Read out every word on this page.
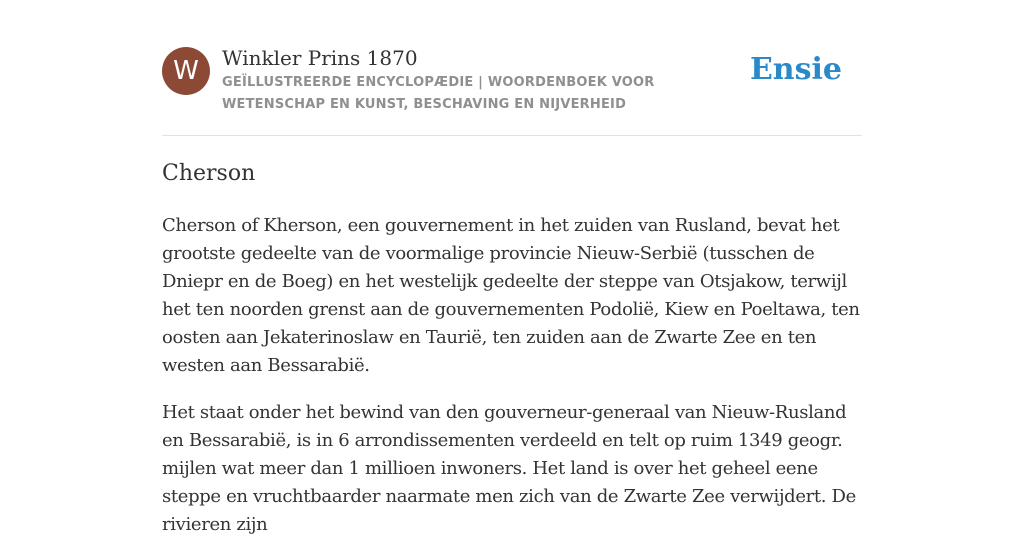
W	Winkler Prins 1870
GEÏLLUSTREERDE ENCYCLOPÆDIE | WOORDENBOEK VOOR WETENSCHAP EN KUNST, BESCHAVING EN NIJVERHEID
Ensie
Cherson

Cherson of Kherson, een gouvernement in het zuiden van Rusland, bevat het grootste gedeelte van de voormalige provincie Nieuw-Serbië (tusschen de Dniepr en de Boeg) en het westelijk gedeelte der steppe van Otsjakow, terwijl het ten noorden grenst aan de gouvernementen Podolië, Kiew en Poeltawa, ten oosten aan Jekaterinoslaw en Taurië, ten zuiden aan de Zwarte Zee en ten westen aan Bessarabië.

Het staat onder het bewind van den gouverneur-generaal van Nieuw-Rusland en Bessarabië, is in 6 arrondissementen verdeeld en telt op ruim 1349 geogr. mijlen wat meer dan 1 millioen inwoners. Het land is over het geheel eene steppe en vruchtbaarder naarmate men zich van de Zwarte Zee verwijdert. De rivieren zijn
